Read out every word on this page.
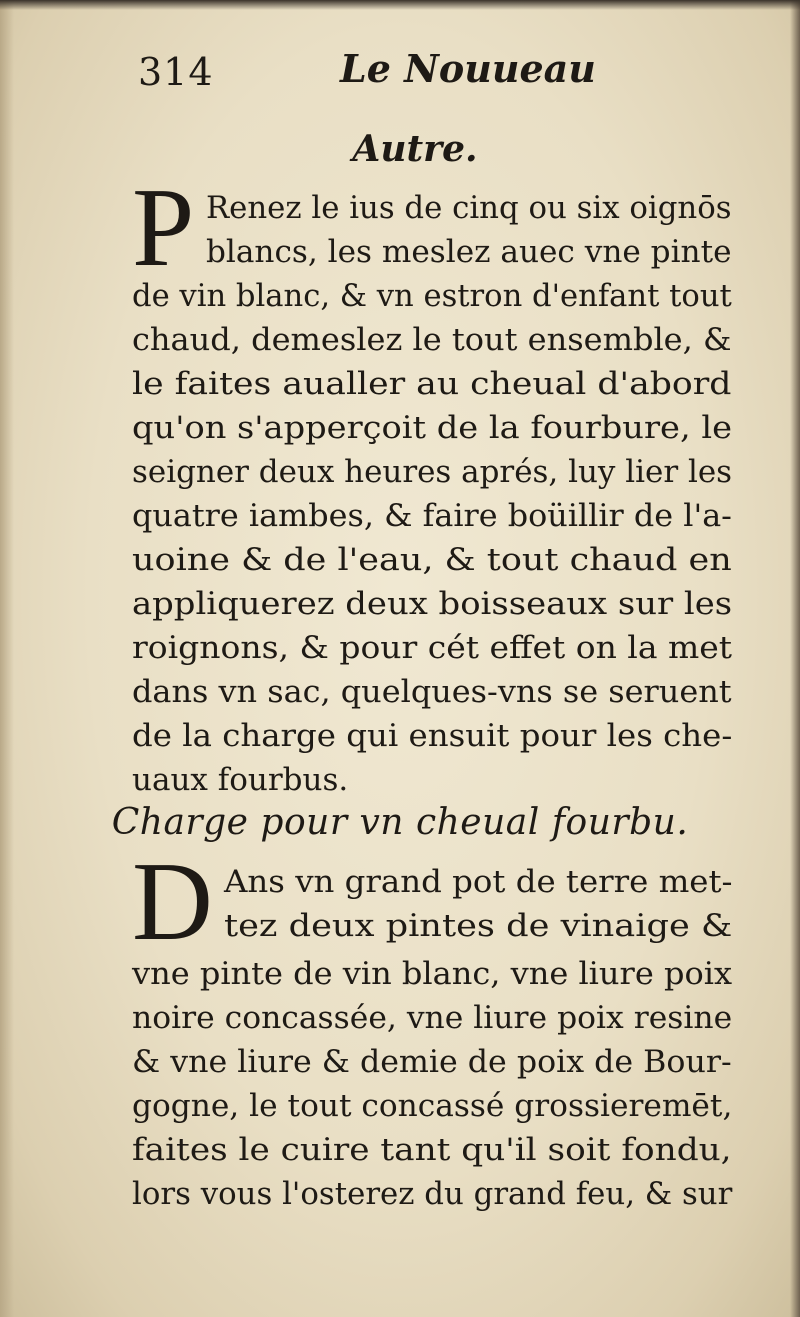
314	Le Nouueau
Autre.
P Renez le ius de cinq ou six oignōs
blancs, les meslez auec vne pinte
de vin blanc, & vn estron d'enfant tout
chaud, demeslez le tout ensemble, &
le faites aualler au cheual d'abord
qu'on s'apperçoit de la fourbure, le
seigner deux heures aprés, luy lier les
quatre iambes, & faire boüillir de l'a-
uoine & de l'eau, & tout chaud en
appliquerez deux boisseaux sur les
roignons, & pour cét effet on la met
dans vn sac, quelques-vns se seruent
de la charge qui ensuit pour les che-
uaux fourbus.
Charge pour vn cheual fourbu.
D Ans vn grand pot de terre met-
tez deux pintes de vinaige &
vne pinte de vin blanc, vne liure poix
noire concassée, vne liure poix resine
& vne liure & demie de poix de Bour-
gogne, le tout concassé grossieremēt,
faites le cuire tant qu'il soit fondu,
lors vous l'osterez du grand feu, & sur
